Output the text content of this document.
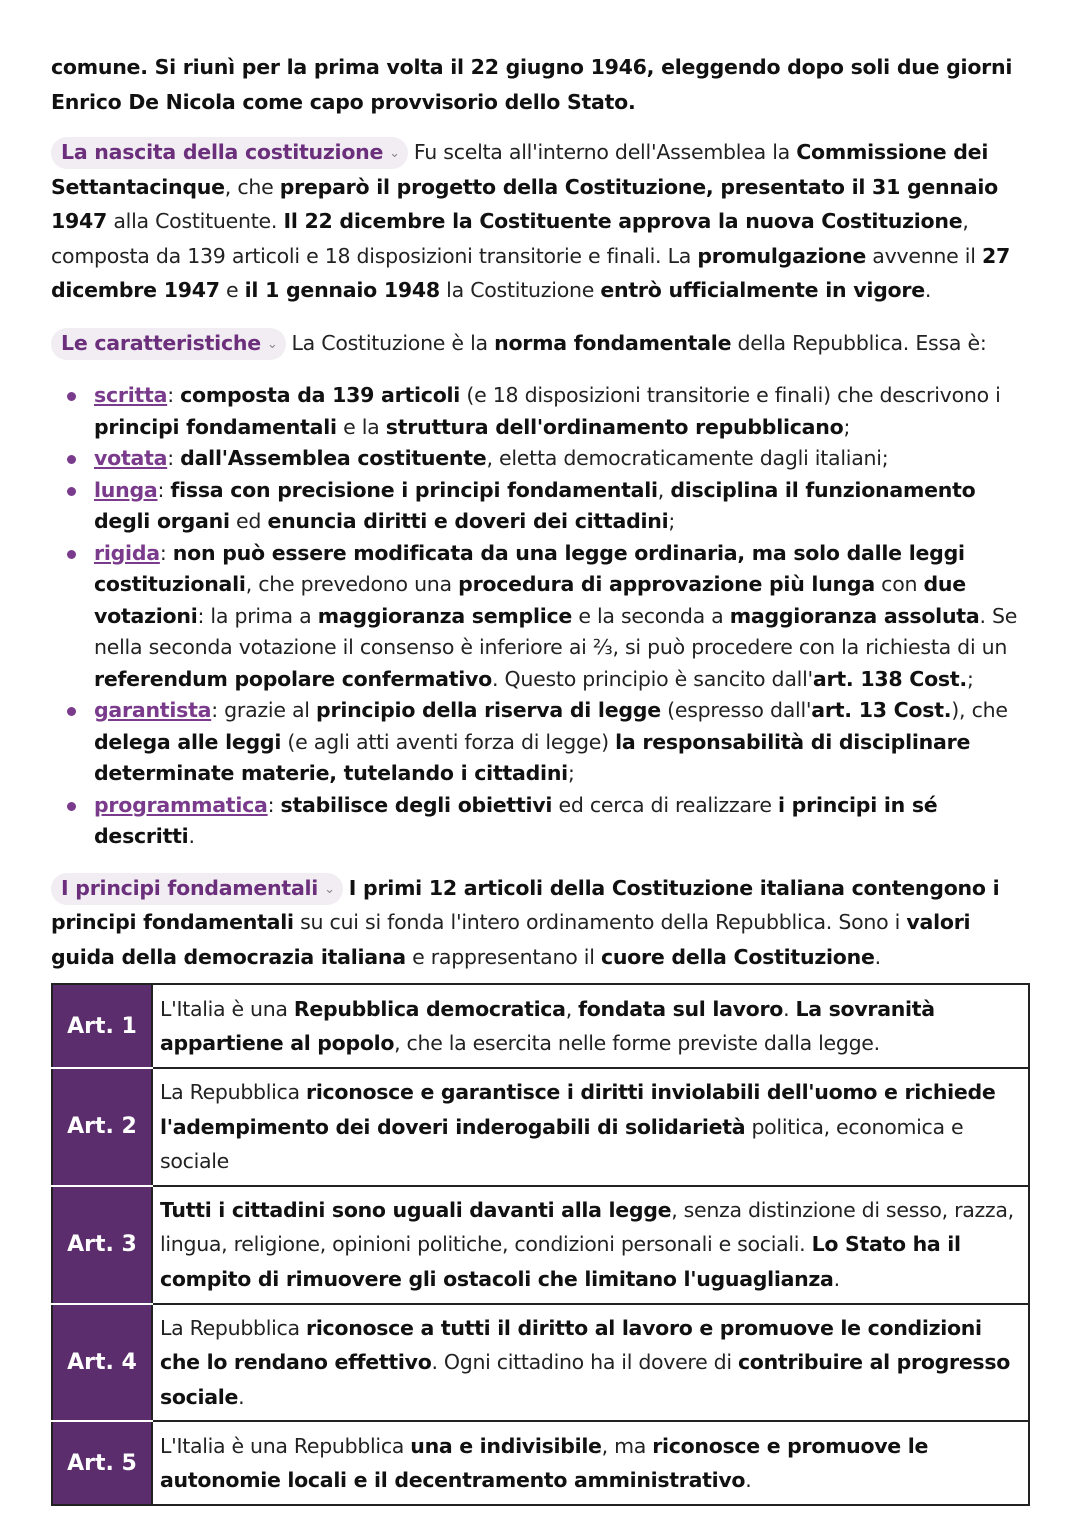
comune. Si riunì per la prima volta il 22 giugno 1946, eleggendo dopo soli due giorni Enrico De Nicola come capo provvisorio dello Stato.

La nascita della costituzione ⌄ Fu scelta all'interno dell'Assemblea la Commissione dei Settantacinque, che preparò il progetto della Costituzione, presentato il 31 gennaio 1947 alla Costituente. Il 22 dicembre la Costituente approva la nuova Costituzione, composta da 139 articoli e 18 disposizioni transitorie e finali. La promulgazione avvenne il 27 dicembre 1947 e il 1 gennaio 1948 la Costituzione entrò ufficialmente in vigore.

Le caratteristiche ⌄ La Costituzione è la norma fondamentale della Repubblica. Essa è:

scritta: composta da 139 articoli (e 18 disposizioni transitorie e finali) che descrivono i principi fondamentali e la struttura dell'ordinamento repubblicano;
votata: dall'Assemblea costituente, eletta democraticamente dagli italiani;
lunga: fissa con precisione i principi fondamentali, disciplina il funzionamento degli organi ed enuncia diritti e doveri dei cittadini;
rigida: non può essere modificata da una legge ordinaria, ma solo dalle leggi costituzionali, che prevedono una procedura di approvazione più lunga con due votazioni: la prima a maggioranza semplice e la seconda a maggioranza assoluta. Se nella seconda votazione il consenso è inferiore ai ⅔, si può procedere con la richiesta di un referendum popolare confermativo. Questo principio è sancito dall'art. 138 Cost.;
garantista: grazie al principio della riserva di legge (espresso dall'art. 13 Cost.), che delega alle leggi (e agli atti aventi forza di legge) la responsabilità di disciplinare determinate materie, tutelando i cittadini;
programmatica: stabilisce degli obiettivi ed cerca di realizzare i principi in sé descritti.

I principi fondamentali ⌄ I primi 12 articoli della Costituzione italiana contengono i principi fondamentali su cui si fonda l'intero ordinamento della Repubblica. Sono i valori guida della democrazia italiana e rappresentano il cuore della Costituzione.

Art. 1	L'Italia è una Repubblica democratica, fondata sul lavoro. La sovranità appartiene al popolo, che la esercita nelle forme previste dalla legge.
Art. 2	La Repubblica riconosce e garantisce i diritti inviolabili dell'uomo e richiede l'adempimento dei doveri inderogabili di solidarietà politica, economica e sociale
Art. 3	Tutti i cittadini sono uguali davanti alla legge, senza distinzione di sesso, razza, lingua, religione, opinioni politiche, condizioni personali e sociali. Lo Stato ha il compito di rimuovere gli ostacoli che limitano l'uguaglianza.
Art. 4	La Repubblica riconosce a tutti il diritto al lavoro e promuove le condizioni che lo rendano effettivo. Ogni cittadino ha il dovere di contribuire al progresso sociale.
Art. 5	L'Italia è una Repubblica una e indivisibile, ma riconosce e promuove le autonomie locali e il decentramento amministrativo.
